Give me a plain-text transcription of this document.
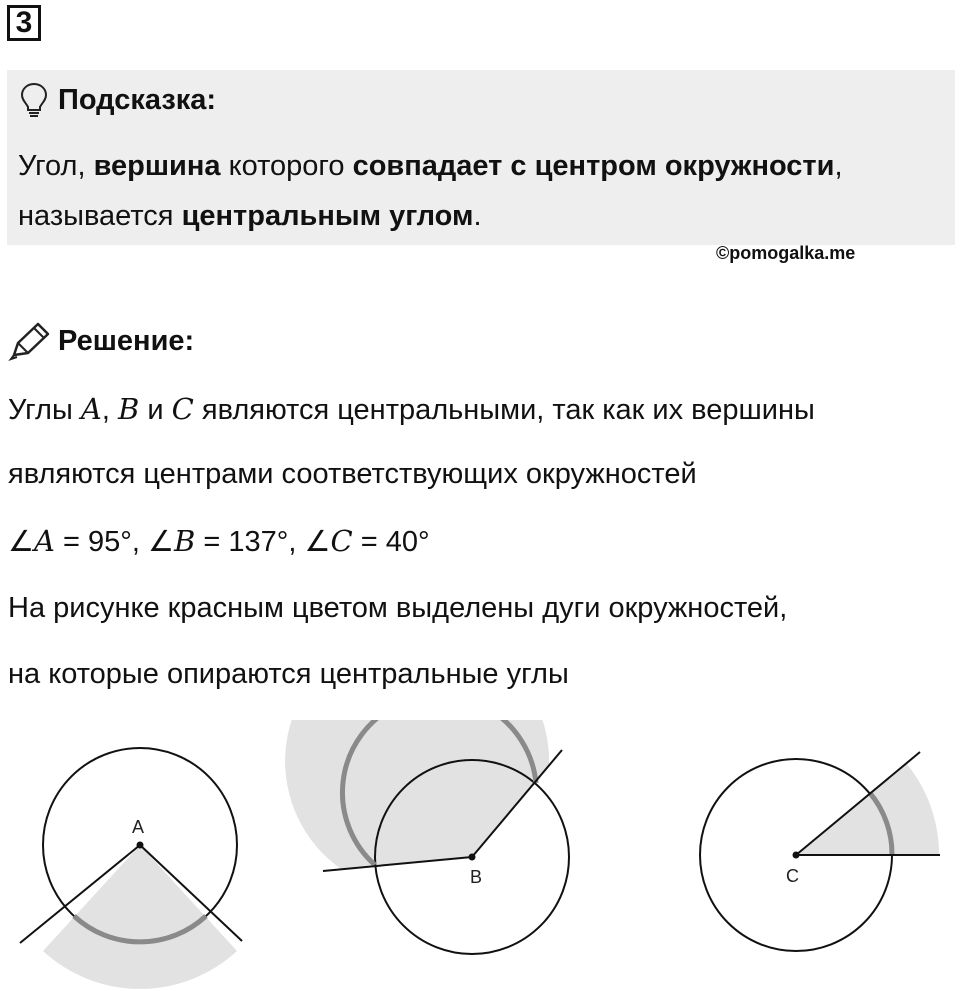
3
Подсказка:
Угол, вершина которого совпадает с центром окружности,
называется центральным углом.
©pomogalka.me
Решение:
Углы A, B и C являются центральными, так как их вершины
являются центрами соответствующих окружностей
∠A = 95°, ∠B = 137°, ∠C = 40°
На рисунке красным цветом выделены дуги окружностей,
на которые опираются центральные углы
A
B	C
